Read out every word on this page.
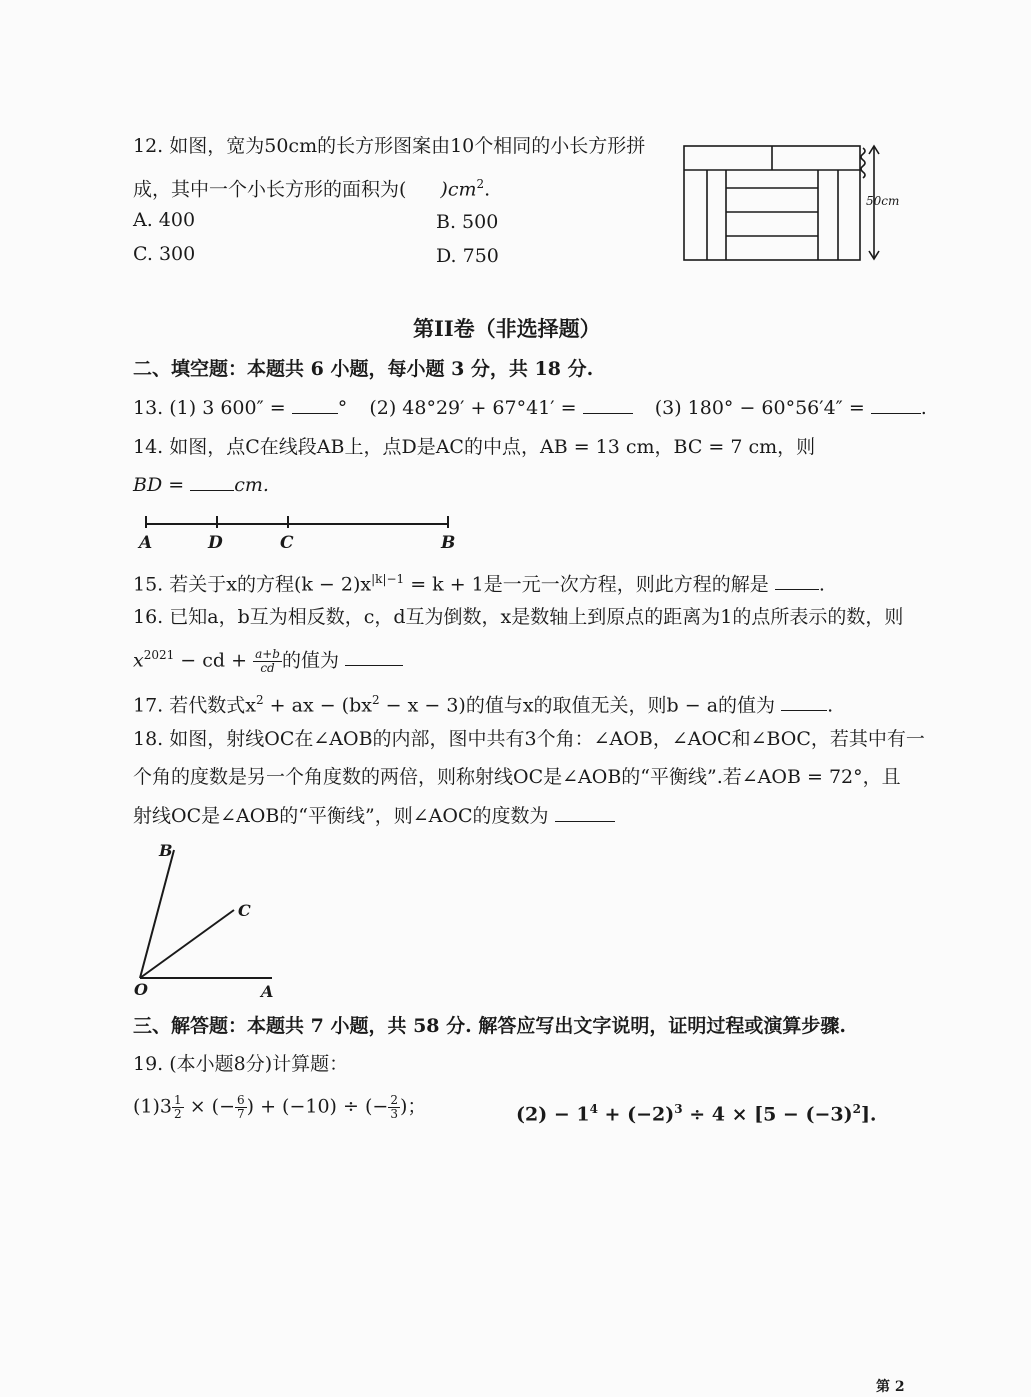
12. 如图，宽为50cm的长方形图案由10个相同的小长方形拼
成，其中一个小长方形的面积为( )$cm^2$.
A. 400	B. 500
C. 300	D. 750
50cm
第II卷（非选择题）
二、填空题：本题共 6 小题，每小题 3 分，共 18 分.
13. (1) 3 600″ =	° (2) 48°29′ + 67°41′ =	(3) 180° − 60°56′4″ =	.
14. 如图，点C在线段AB上，点D是AC的中点，AB = 13 cm，BC = 7 cm，则
BD =	cm.
A	D	C	B
15. 若关于x的方程$(k - 2)x^{|k|-1} = k + 1$是一元一次方程，则此方程的解是	.
16. 已知a，b互为相反数，c，d互为倒数，x是数轴上到原点的距离为1的点所表示的数，则
$x^{2021}$ − cd + $\frac{a+b}{cd}$ 的值为
17. 若代数式$x^2$ + ax − $(bx^2 - x - 3)$的值与x的取值无关，则b − a的值为	.
18. 如图，射线OC在∠AOB的内部，图中共有3个角：∠AOB，∠AOC和∠BOC，若其中有一
个角的度数是另一个角度数的两倍，则称射线OC是∠AOB的“平衡线”.若∠AOB = 72°，且
射线OC是∠AOB的“平衡线”，则∠AOC的度数为
B
C
O	A
三、解答题：本题共 7 小题，共 58 分. 解答应写出文字说明，证明过程或演算步骤.
19. (本小题8分)计算题：
$(1)3 \frac{1}{2}$ × (− $\frac{6}{7}$ ) + (−10) ÷ (− $\frac{2}{3}$ )；	$(2) - 1^4 + (-2)^3 \div 4 \times [5 - (-3)^2]$.
第 2
